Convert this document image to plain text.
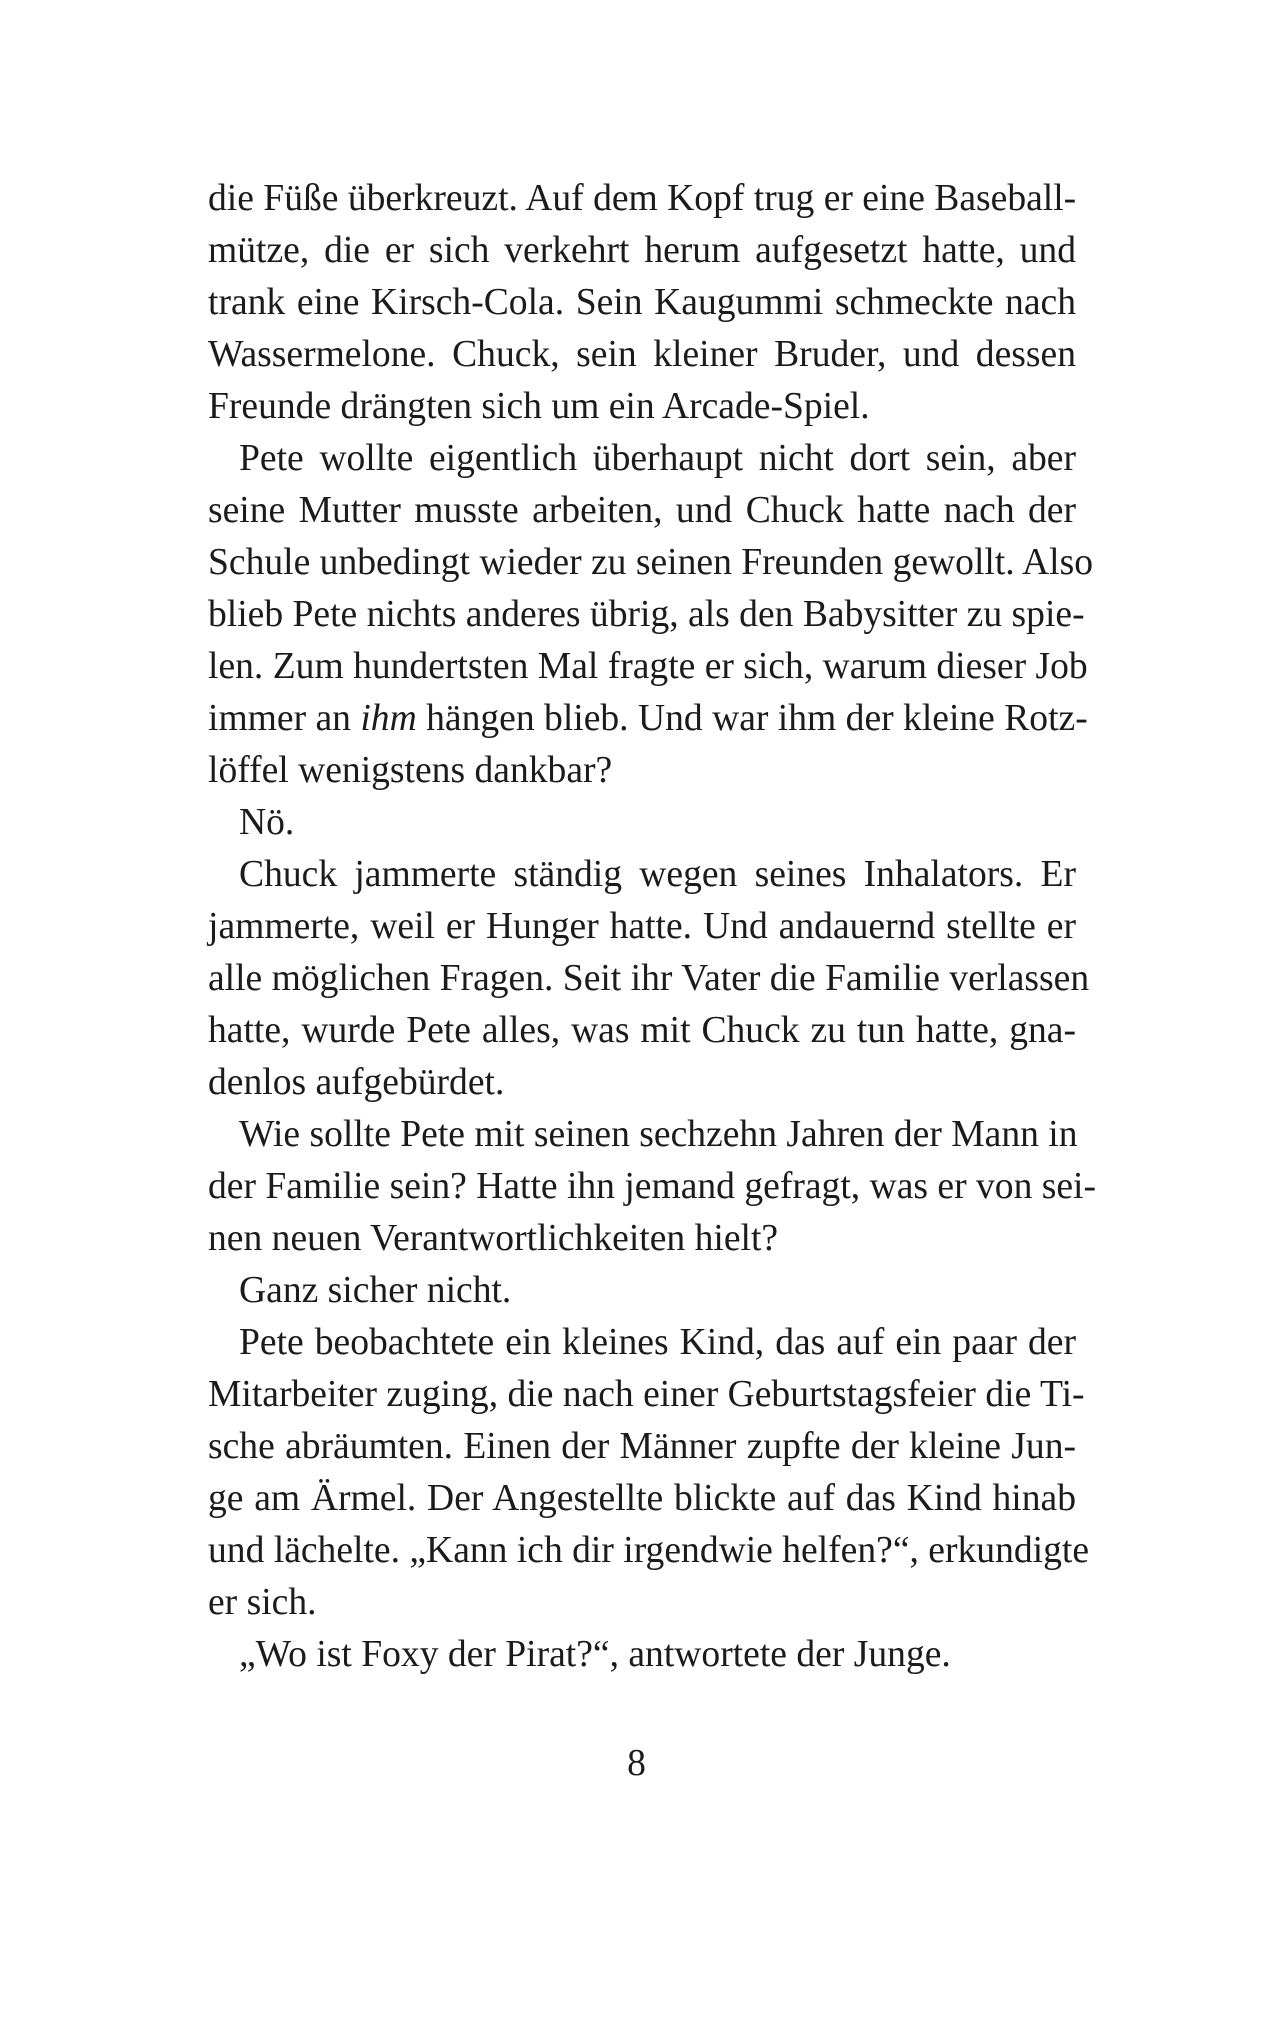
die Füße überkreuzt. Auf dem Kopf trug er eine Baseball-
mütze, die er sich verkehrt herum aufgesetzt hatte, und
trank eine Kirsch-Cola. Sein Kaugummi schmeckte nach
Wassermelone. Chuck, sein kleiner Bruder, und dessen
Freunde drängten sich um ein Arcade-Spiel.

Pete wollte eigentlich überhaupt nicht dort sein, aber
seine Mutter musste arbeiten, und Chuck hatte nach der
Schule unbedingt wieder zu seinen Freunden gewollt. Also
blieb Pete nichts anderes übrig, als den Babysitter zu spie-
len. Zum hundertsten Mal fragte er sich, warum dieser Job
immer an ihm hängen blieb. Und war ihm der kleine Rotz-
löffel wenigstens dankbar?

Nö.

Chuck jammerte ständig wegen seines Inhalators. Er
jammerte, weil er Hunger hatte. Und andauernd stellte er
alle möglichen Fragen. Seit ihr Vater die Familie verlassen
hatte, wurde Pete alles, was mit Chuck zu tun hatte, gna-
denlos aufgebürdet.

Wie sollte Pete mit seinen sechzehn Jahren der Mann in
der Familie sein? Hatte ihn jemand gefragt, was er von sei-
nen neuen Verantwortlichkeiten hielt?

Ganz sicher nicht.

Pete beobachtete ein kleines Kind, das auf ein paar der
Mitarbeiter zuging, die nach einer Geburtstagsfeier die Ti-
sche abräumten. Einen der Männer zupfte der kleine Jun-
ge am Ärmel. Der Angestellte blickte auf das Kind hinab
und lächelte. „Kann ich dir irgendwie helfen?“, erkundigte
er sich.

„Wo ist Foxy der Pirat?“, antwortete der Junge.

8
